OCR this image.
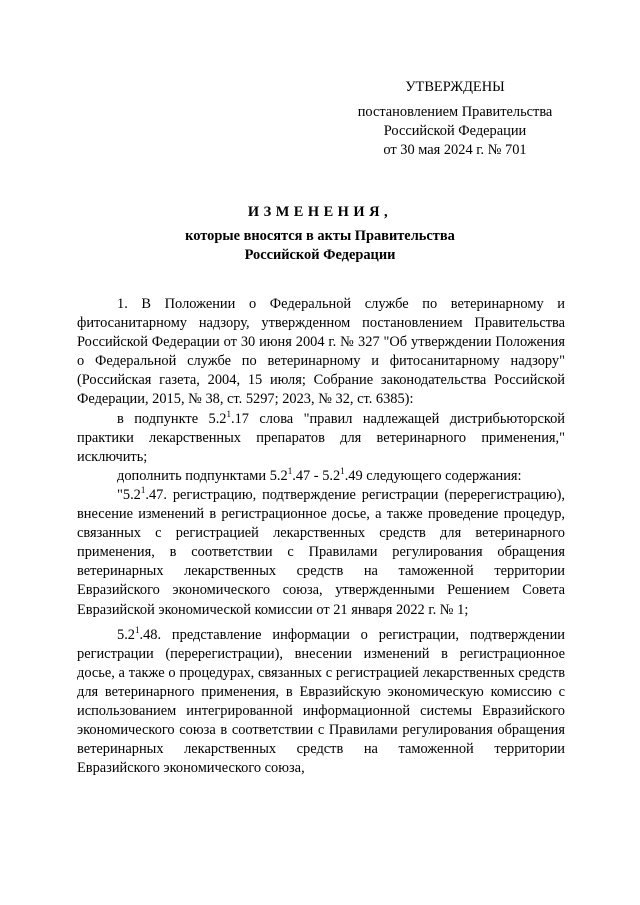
УТВЕРЖДЕНЫ
постановлением Правительства
Российской Федерации
от 30 мая 2024 г. № 701
ИЗМЕНЕНИЯ,
которые вносятся в акты Правительства
Российской Федерации

1. В Положении о Федеральной службе по ветеринарному и фитосанитарному надзору, утвержденном постановлением Правительства Российской Федерации от 30 июня 2004 г. № 327 "Об утверждении Положения о Федеральной службе по ветеринарному и фитосанитарному надзору" (Российская газета, 2004, 15 июля; Собрание законодательства Российской Федерации, 2015, № 38, ст. 5297; 2023, № 32, ст. 6385):

в подпункте $5.2^1.17$ слова "правил надлежащей дистрибьюторской практики лекарственных препаратов для ветеринарного применения," исключить;

дополнить подпунктами $5.2^1.47 - 5.2^1.49$ следующего содержания:

"$5.2^1.47$. регистрацию, подтверждение регистрации (перерегистрацию), внесение изменений в регистрационное досье, а также проведение процедур, связанных с регистрацией лекарственных средств для ветеринарного применения, в соответствии с Правилами регулирования обращения ветеринарных лекарственных средств на таможенной территории Евразийского экономического союза, утвержденными Решением Совета Евразийской экономической комиссии от 21 января 2022 г. № 1;

$5.2^1.48$. представление информации о регистрации, подтверждении регистрации (перерегистрации), внесении изменений в регистрационное досье, а также о процедурах, связанных с регистрацией лекарственных средств для ветеринарного применения, в Евразийскую экономическую комиссию с использованием интегрированной информационной системы Евразийского экономического союза в соответствии с Правилами регулирования обращения ветеринарных лекарственных средств на таможенной территории Евразийского экономического союза,
